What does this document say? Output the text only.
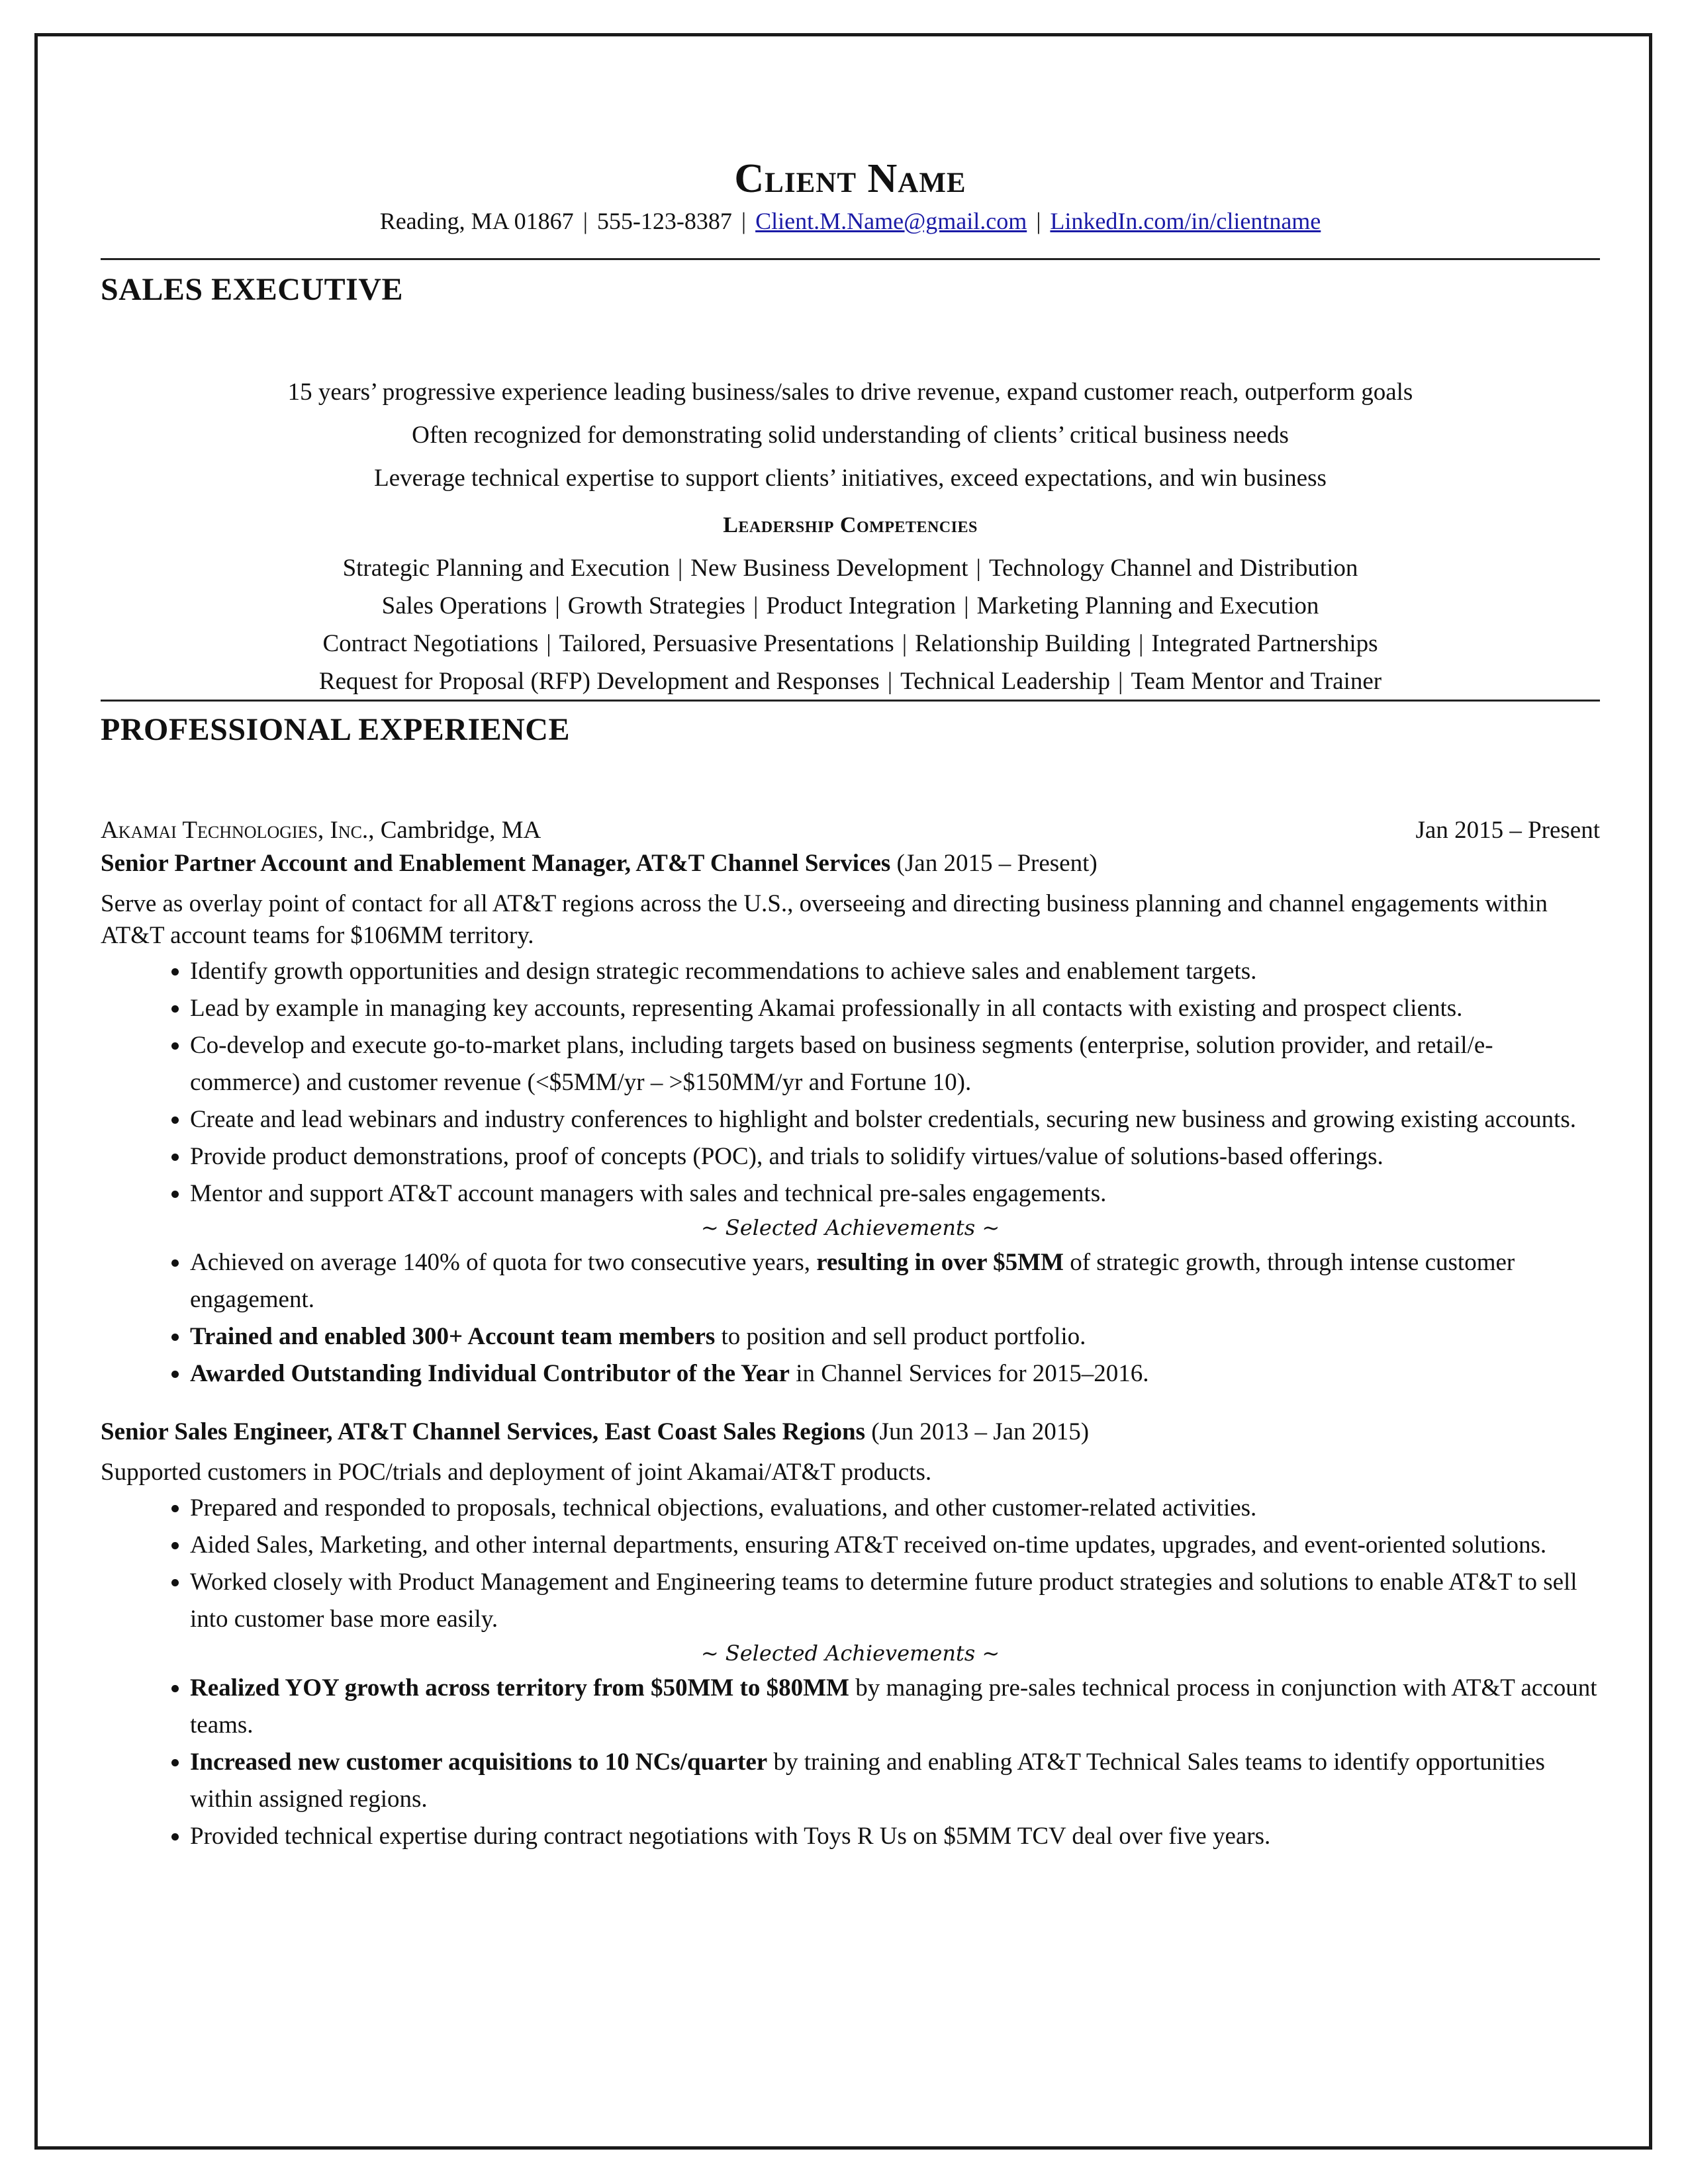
Client Name
Reading, MA 01867 | 555-123-8387 | Client.M.Name@gmail.com | LinkedIn.com/in/clientname
SALES EXECUTIVE
15 years’ progressive experience leading business/sales to drive revenue, expand customer reach, outperform goals
Often recognized for demonstrating solid understanding of clients’ critical business needs
Leverage technical expertise to support clients’ initiatives, exceed expectations, and win business
Leadership Competencies
Strategic Planning and Execution | New Business Development | Technology Channel and Distribution
Sales Operations | Growth Strategies | Product Integration | Marketing Planning and Execution
Contract Negotiations | Tailored, Persuasive Presentations | Relationship Building | Integrated Partnerships
Request for Proposal (RFP) Development and Responses | Technical Leadership | Team Mentor and Trainer
PROFESSIONAL EXPERIENCE
Akamai Technologies, Inc., Cambridge, MA	Jan 2015 – Present
Senior Partner Account and Enablement Manager, AT&T Channel Services (Jan 2015 – Present)
Serve as overlay point of contact for all AT&T regions across the U.S., overseeing and directing business planning and channel engagements within AT&T account teams for $106MM territory.
• Identify growth opportunities and design strategic recommendations to achieve sales and enablement targets.
• Lead by example in managing key accounts, representing Akamai professionally in all contacts with existing and prospect clients.
• Co-develop and execute go-to-market plans, including targets based on business segments (enterprise, solution provider, and retail/e-commerce) and customer revenue (<$5MM/yr – >$150MM/yr and Fortune 10).
• Create and lead webinars and industry conferences to highlight and bolster credentials, securing new business and growing existing accounts.
• Provide product demonstrations, proof of concepts (POC), and trials to solidify virtues/value of solutions-based offerings.
• Mentor and support AT&T account managers with sales and technical pre-sales engagements.
~ Selected Achievements ~
• Achieved on average 140% of quota for two consecutive years, resulting in over $5MM of strategic growth, through intense customer engagement.
• Trained and enabled 300+ Account team members to position and sell product portfolio.
• Awarded Outstanding Individual Contributor of the Year in Channel Services for 2015–2016.
Senior Sales Engineer, AT&T Channel Services, East Coast Sales Regions (Jun 2013 – Jan 2015)
Supported customers in POC/trials and deployment of joint Akamai/AT&T products.
• Prepared and responded to proposals, technical objections, evaluations, and other customer-related activities.
• Aided Sales, Marketing, and other internal departments, ensuring AT&T received on-time updates, upgrades, and event-oriented solutions.
• Worked closely with Product Management and Engineering teams to determine future product strategies and solutions to enable AT&T to sell into customer base more easily.
~ Selected Achievements ~
• Realized YOY growth across territory from $50MM to $80MM by managing pre-sales technical process in conjunction with AT&T account teams.
• Increased new customer acquisitions to 10 NCs/quarter by training and enabling AT&T Technical Sales teams to identify opportunities within assigned regions.
• Provided technical expertise during contract negotiations with Toys R Us on $5MM TCV deal over five years.
